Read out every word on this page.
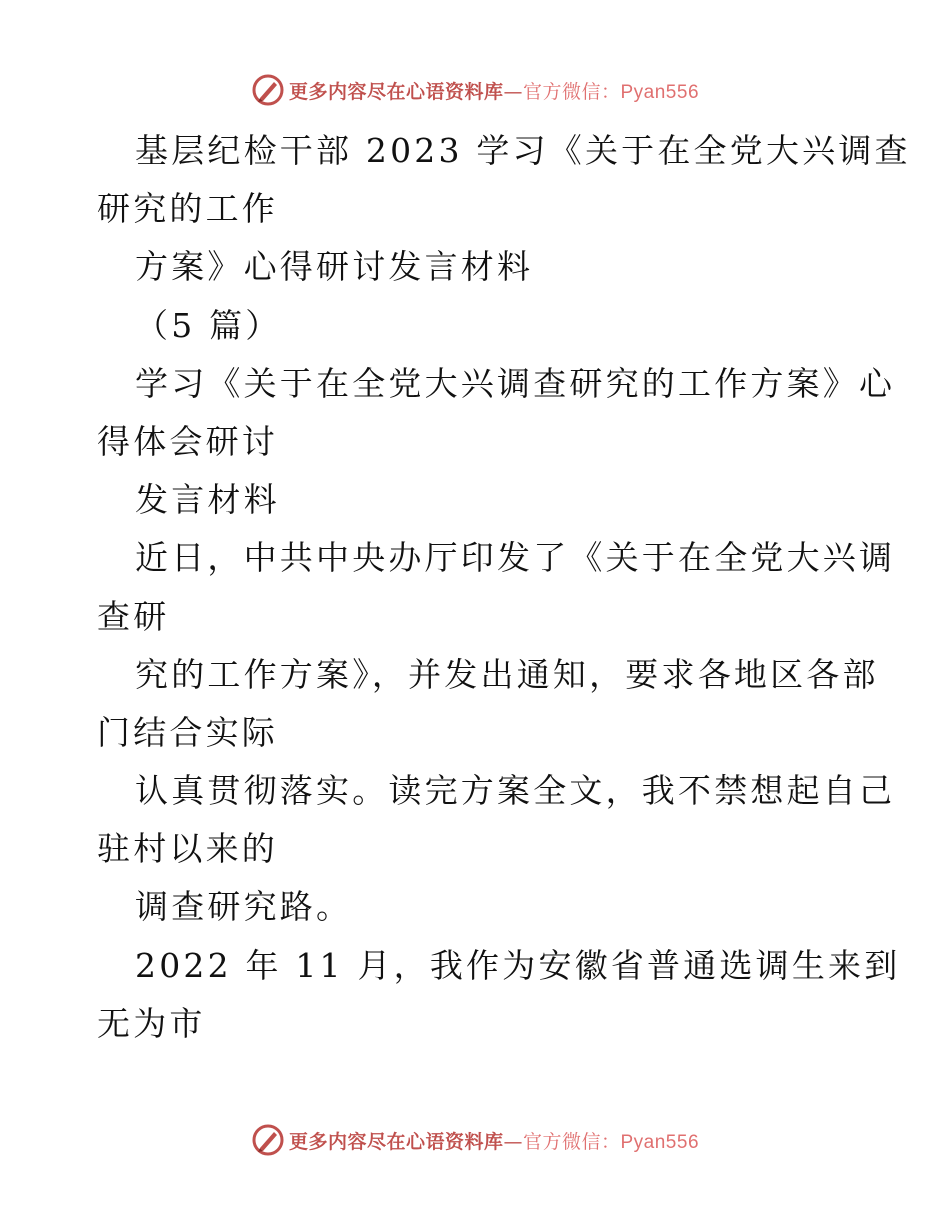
更多内容尽在心语资料库—官方微信：Pyan556
基层纪检干部 2023 学习《关于在全党大兴调查
研究的工作
方案》心得研讨发言材料
（5 篇）
学习《关于在全党大兴调查研究的工作方案》心
得体会研讨
发言材料
近日，中共中央办厅印发了《关于在全党大兴调
查研
究的工作方案》，并发出通知，要求各地区各部
门结合实际
认真贯彻落实。读完方案全文，我不禁想起自己
驻村以来的
调查研究路。
2022 年 11 月，我作为安徽省普通选调生来到
无为市
更多内容尽在心语资料库—官方微信：Pyan556
